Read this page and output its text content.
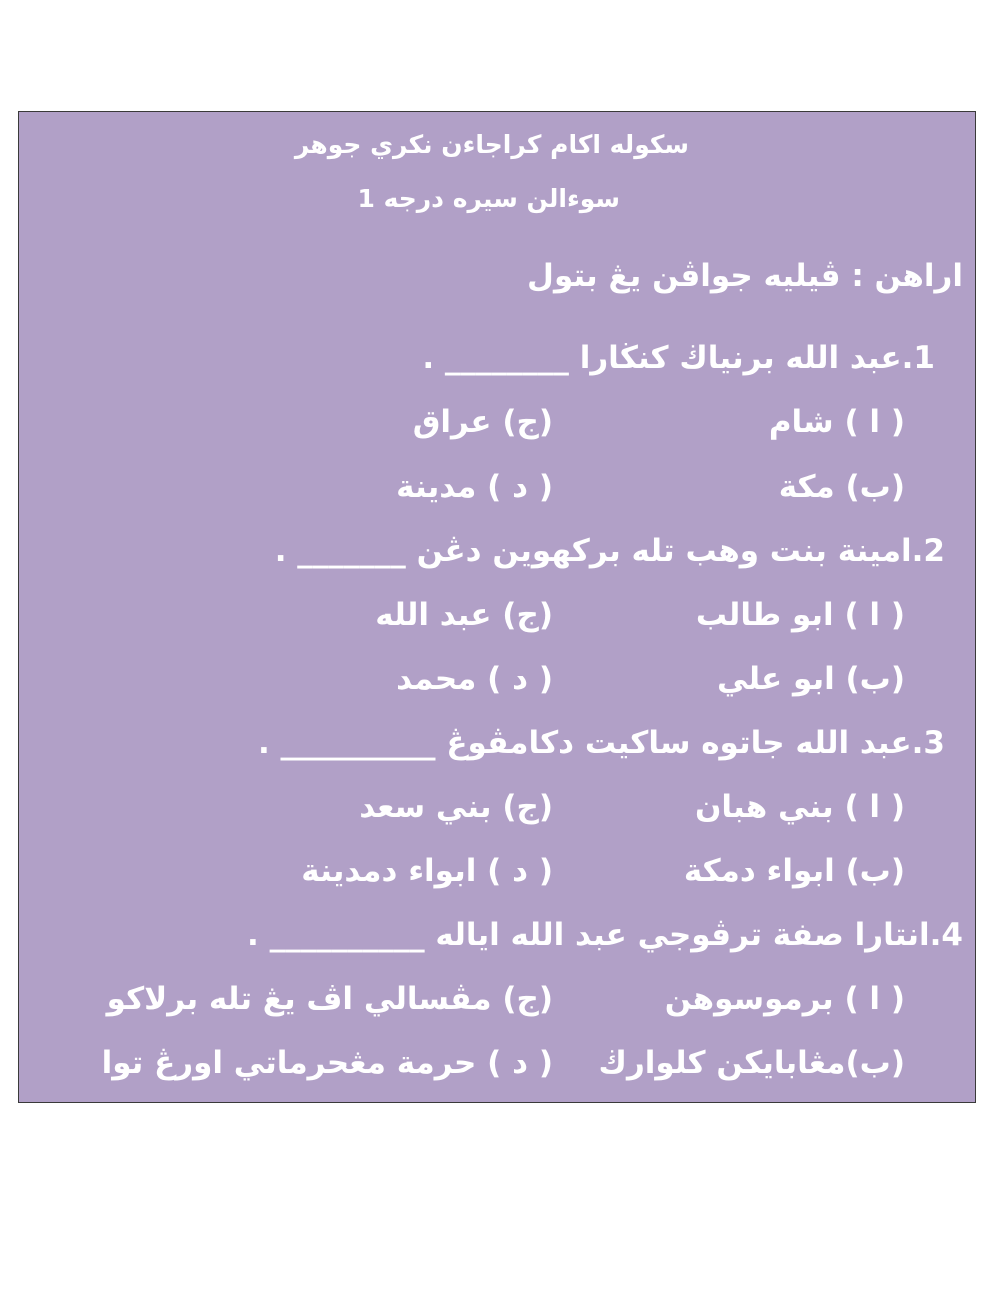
سكوله اكام كراجاءن نكري جوهر
سوءالن سيره درجه 1
اراهن : ڤيليه جواڤن يڠ بتول
1.عبد الله برنياڬ كنڬارا ________ .
( ا ) شام
(ج) عراق
(ب) مكة
( د ) مدينة
2.امينة بنت وهب تله بركهوين دڠن _______ .
( ا ) ابو طالب
(ج) عبد الله
(ب) ابو علي
( د ) محمد
3.عبد الله جاتوه ساكيت دكامڤوڠ __________ .
( ا ) بني هبان
(ج) بني سعد
(ب) ابواء دمكة
( د ) ابواء دمدينة
4.انتارا صفة ترڤوجي عبد الله اياله __________ .
( ا ) برموسوهن
(ج) مڤسالي اڤ يڠ تله برلاكو
(ب)مڠابايكن كلوارڬ
( د ) حرمة مڠحرماتي اورڠ توا
